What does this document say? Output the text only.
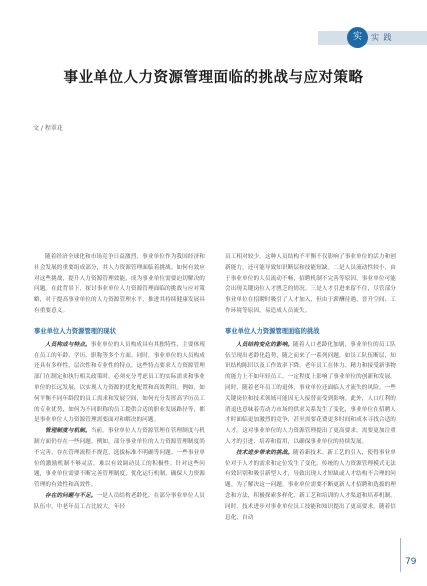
实	实 践
事业单位人力资源管理面临的挑战与应对策略
文 / 程翠花

随着经济全球化和市场竞争日益激烈，事业单位作为我国经济和社会发展的重要组成部分，其人力资源管理面临着挑战。如何有效应对这些挑战，提升人力资源管理效能，成为事业单位需要迫切解决的问题。在此背景下，探讨事业单位人力资源管理面临的挑战与应对策略，对于提高事业单位的人力资源管理水平，推进其持续健康发展具有重要意义。

事业单位人力资源管理的现状

人员构成与特点。事业单位的人员构成具有其独特性，主要体现在员工的年龄、学历、职称等多个方面。同时，事业单位的人员构成还具有多样性，层次性和专业性的特点。这些特点要求人力资源管理部门在制定和执行相关政策时，必须充分考虑员工的实际需求和事业单位的长远发展，以实现人力资源的优化配置和高效利用。例如，如何平衡不同年龄段的员工需求和发展空间，如何充分发挥高学历员工的专业优势，如何为不同职称的员工提供合适的职业发展路径等，都是事业单位人力资源管理需要面对和解决的问题。

管理制度与机制。当前，事业单位人力资源管理在管理制度与机制方面仍存在一些问题。例如，部分事业单位的人力资源管理制度尚不完善，存在管理流程不规范、选拔标准不明确等问题。一些事业单位的激励机制不够灵活，难以有效调动员工的积极性。针对这些问题，事业单位需要不断完善管理制度，优化运行机制，确保人力资源管理的有效性和高效性。

存在的问题与不足。一是人员结构老龄化。在部分事业单位人员队伍中，中老年员工占比较大，年轻

员工相对较少。这种人员结构不平衡不仅影响了事业单位的活力和创新能力，还可能导致知识断层和技能短缺。二是人员流动性较小，由于事业单位的人员流动不畅，招聘机制不完善等原因，事业单位可能会出现关键岗位人才匮乏的情况。三是人才引进来留不住，尽管部分事业单位在招聘时吸引了人才加入，但由于薪酬待遇、晋升空间、工作环境等原因，易造成人员流失。

事业单位人力资源管理面临的挑战

人员结构变化的影响。随着人口老龄化加剧，事业单位的员工队伍呈现出老龄化趋势，随之而来了一系列问题。如员工队伍断层，知识结构陈旧以及工作效率下降。老年员工在体力、精力和接受新事物的能力上不如年轻员工，一定程度上影响了事业单位的创新和发展。同时，随着老年员工的退休，事业单位还面临人才流失的风险。一些关键岗位和技术领域可能因无人接替而受到影响。此外，人口红利的消退也意味着劳动力市场的供求关系发生了变化，事业单位在招聘人才时面临更加激烈的竞争，甚至需要花费更多时间和成本寻找合适的人才。这对事业单位的人力资源管理提出了更高要求，需要更加注重人才的引进、培养和留用，以确保事业单位的持续发展。

技术进步带来的挑战。随着新技术、新工艺的引入，使得事业单位对于人才的需求和定位发生了变化。传统的人力资源管理模式无法有效识别和吸引新型人才，导致出现人才短缺或人才结构不合理的问题。为了解决这一问题，事业单位需要不断更新人才招聘和选拔的理念和方法，积极探索多样化、新工艺和培训的人才渠道和培养机制。同时，技术进步对事业单位员工技能和知识提出了更高要求。随着信息化、自动

79
